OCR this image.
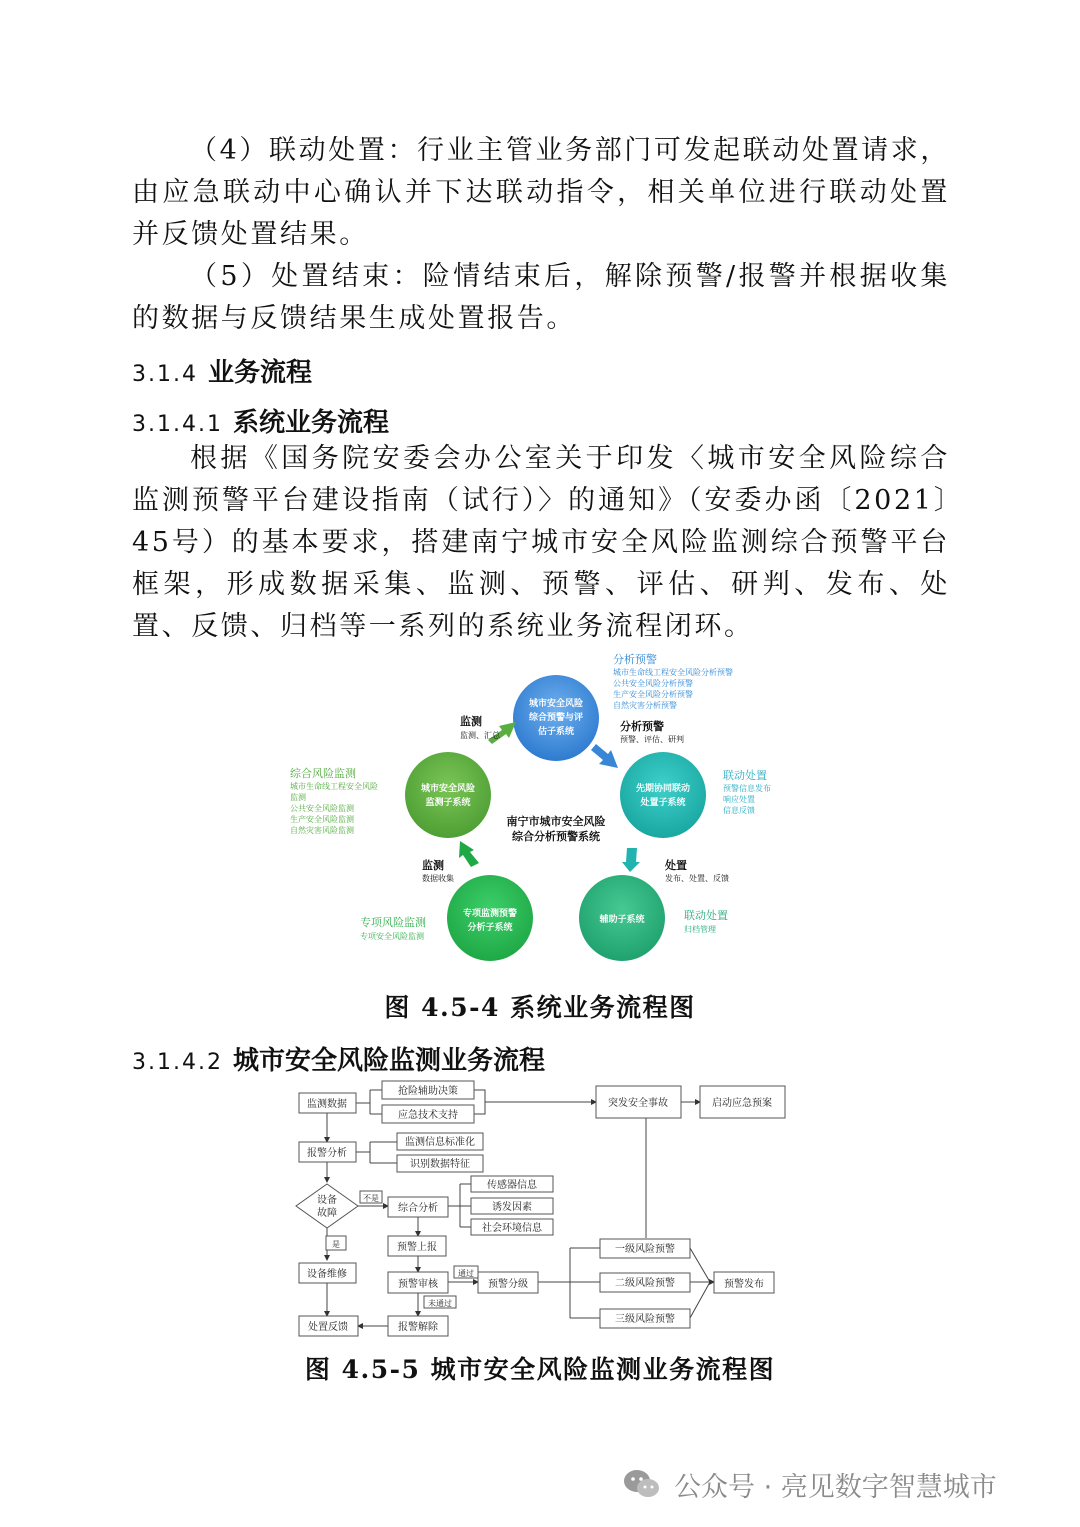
（4）联动处置：行业主管业务部门可发起联动处置请求，由应急联动中心确认并下达联动指令，相关单位进行联动处置并反馈处置结果。

（5）处置结束：险情结束后，解除预警/报警并根据收集的数据与反馈结果生成处置报告。

3.1.4 业务流程
3.1.4.1 系统业务流程

根据《国务院安委会办公室关于印发〈城市安全风险综合监测预警平台建设指南（试行）〉的通知》（安委办函〔2021〕45号）的基本要求，搭建南宁城市安全风险监测综合预警平台框架，形成数据采集、监测、预警、评估、研判、发布、处置、反馈、归档等一系列的系统业务流程闭环。

城市安全风险
综合预警与评
估子系统
城市安全风险
监测子系统
先期协同联动
处置子系统
辅助子系统
专项监测预警
分析子系统
南宁市城市安全风险
综合分析预警系统
监测
监测、汇总
分析预警
预警、评估、研判
处置
发布、处置、反馈
监测
数据收集
分析预警
城市生命线工程安全风险分析预警
公共安全风险分析预警
生产安全风险分析预警
自然灾害分析预警
综合风险监测
城市生命线工程安全风险
监测
公共安全风险监测
生产安全风险监测
自然灾害风险监测
联动处置
预警信息发布
响应处置
信息反馈
专项风险监测
专项安全风险监测
联动处置
归档管理

图 4.5-4 系统业务流程图

3.1.4.2 城市安全风险监测业务流程
监测数据
抢险辅助决策
应急技术支持
突发安全事故	启动应急预案
报警分析
监测信息标准化
识别数据特征
设备
故障	综合分析
传感器信息
诱发因素
社会环境信息
预警上报
设备维修
预警审核	预警分级
一级风险预警
二级风险预警
三级风险预警
预警发布
处置反馈	报警解除
是
不是
通过
未通过

图 4.5-5 城市安全风险监测业务流程图

公众号 · 亮见数字智慧城市
